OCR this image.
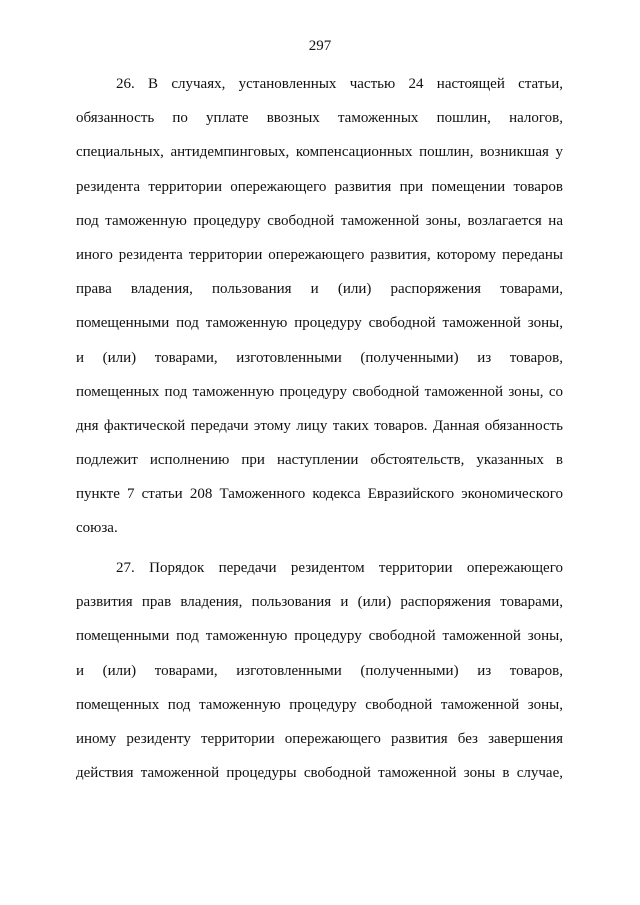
297
26. В случаях, установленных частью 24 настоящей статьи,
обязанность по уплате ввозных таможенных пошлин, налогов,
специальных, антидемпинговых, компенсационных пошлин, возникшая у
резидента территории опережающего развития при помещении товаров
под таможенную процедуру свободной таможенной зоны, возлагается на
иного резидента территории опережающего развития, которому переданы
права владения, пользования и (или) распоряжения товарами,
помещенными под таможенную процедуру свободной таможенной зоны,
и (или) товарами, изготовленными (полученными) из товаров,
помещенных под таможенную процедуру свободной таможенной зоны, со
дня фактической передачи этому лицу таких товаров. Данная обязанность
подлежит исполнению при наступлении обстоятельств, указанных в
пункте 7 статьи 208 Таможенного кодекса Евразийского экономического
союза.
27. Порядок передачи резидентом территории опережающего
развития прав владения, пользования и (или) распоряжения товарами,
помещенными под таможенную процедуру свободной таможенной зоны,
и (или) товарами, изготовленными (полученными) из товаров,
помещенных под таможенную процедуру свободной таможенной зоны,
иному резиденту территории опережающего развития без завершения
действия таможенной процедуры свободной таможенной зоны в случае,
